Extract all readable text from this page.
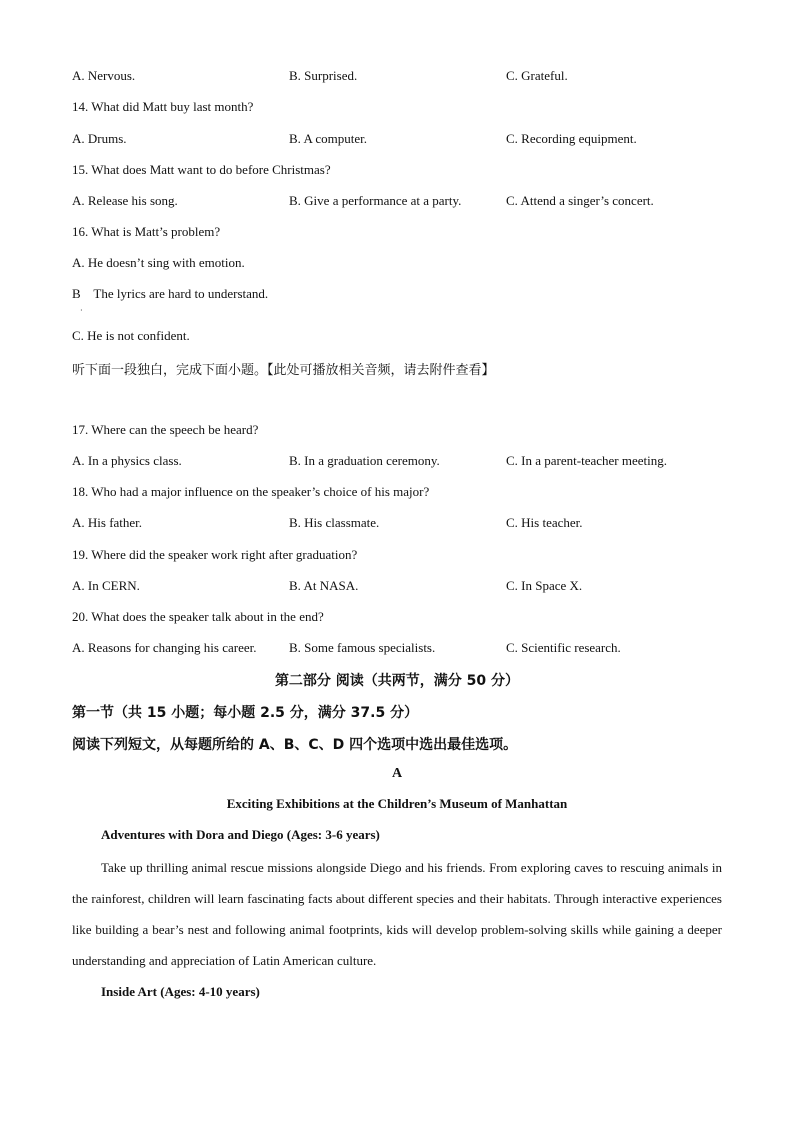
A. Nervous.	B. Surprised.	C. Grateful.
14. What did Matt buy last month?
A. Drums.	B. A computer.	C. Recording equipment.
15. What does Matt want to do before Christmas?
A. Release his song.	B. Give a performance at a party.	C. Attend a singer’s concert.
16. What is Matt’s problem?
A. He doesn’t sing with emotion.
B    The lyrics are hard to understand.
·
C. He is not confident.
听下面一段独白，完成下面小题。【此处可播放相关音频，请去附件查看】
17. Where can the speech be heard?
A. In a physics class.	B. In a graduation ceremony.	C. In a parent-teacher meeting.
18. Who had a major influence on the speaker’s choice of his major?
A. His father.	B. His classmate.	C. His teacher.
19. Where did the speaker work right after graduation?
A. In CERN.	B. At NASA.	C. In Space X.
20. What does the speaker talk about in the end?
A. Reasons for changing his career.	B. Some famous specialists.	C. Scientific research.
第二部分 阅读（共两节，满分 50 分）
第一节（共 15 小题；每小题 2.5 分，满分 37.5 分）
阅读下列短文，从每题所给的 A、B、C、D 四个选项中选出最佳选项。
A
Exciting Exhibitions at the Children’s Museum of Manhattan
Adventures with Dora and Diego (Ages: 3-6 years)
Take up thrilling animal rescue missions alongside Diego and his friends. From exploring caves to rescuing animals in the rainforest, children will learn fascinating facts about different species and their habitats. Through interactive experiences like building a bear’s nest and following animal footprints, kids will develop problem-solving skills while gaining a deeper understanding and appreciation of Latin American culture.
Inside Art (Ages: 4-10 years)
